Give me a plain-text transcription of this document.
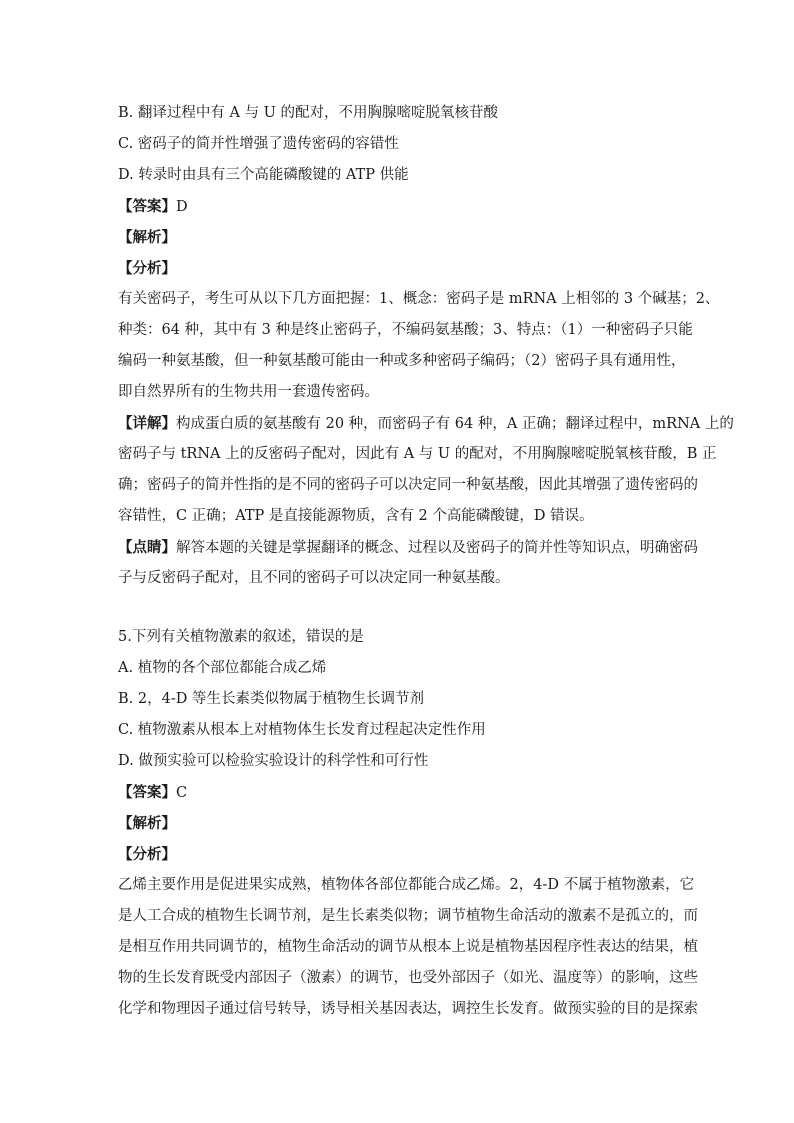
B. 翻译过程中有 A 与 U 的配对，不用胸腺嘧啶脱氧核苷酸

C. 密码子的简并性增强了遗传密码的容错性

D. 转录时由具有三个高能磷酸键的 ATP 供能

【答案】D

【解析】

【分析】

有关密码子，考生可从以下几方面把握：1、概念：密码子是 mRNA 上相邻的 3 个碱基；2、

种类：64 种，其中有 3 种是终止密码子，不编码氨基酸；3、特点：（1）一种密码子只能

编码一种氨基酸，但一种氨基酸可能由一种或多种密码子编码；（2）密码子具有通用性，

即自然界所有的生物共用一套遗传密码。

【详解】构成蛋白质的氨基酸有 20 种，而密码子有 64 种，A 正确；翻译过程中，mRNA 上的

密码子与 tRNA 上的反密码子配对，因此有 A 与 U 的配对，不用胸腺嘧啶脱氧核苷酸，B 正

确；密码子的简并性指的是不同的密码子可以决定同一种氨基酸，因此其增强了遗传密码的

容错性，C 正确；ATP 是直接能源物质，含有 2 个高能磷酸键，D 错误。

【点睛】解答本题的关键是掌握翻译的概念、过程以及密码子的简并性等知识点，明确密码

子与反密码子配对，且不同的密码子可以决定同一种氨基酸。

5.下列有关植物激素的叙述，错误的是

A. 植物的各个部位都能合成乙烯

B. 2，4-D 等生长素类似物属于植物生长调节剂

C. 植物激素从根本上对植物体生长发育过程起决定性作用

D. 做预实验可以检验实验设计的科学性和可行性

【答案】C

【解析】

【分析】

乙烯主要作用是促进果实成熟，植物体各部位都能合成乙烯。2，4-D 不属于植物激素，它

是人工合成的植物生长调节剂，是生长素类似物；调节植物生命活动的激素不是孤立的，而

是相互作用共同调节的，植物生命活动的调节从根本上说是植物基因程序性表达的结果，植

物的生长发育既受内部因子（激素）的调节，也受外部因子（如光、温度等）的影响，这些

化学和物理因子通过信号转导，诱导相关基因表达，调控生长发育。做预实验的目的是探索
